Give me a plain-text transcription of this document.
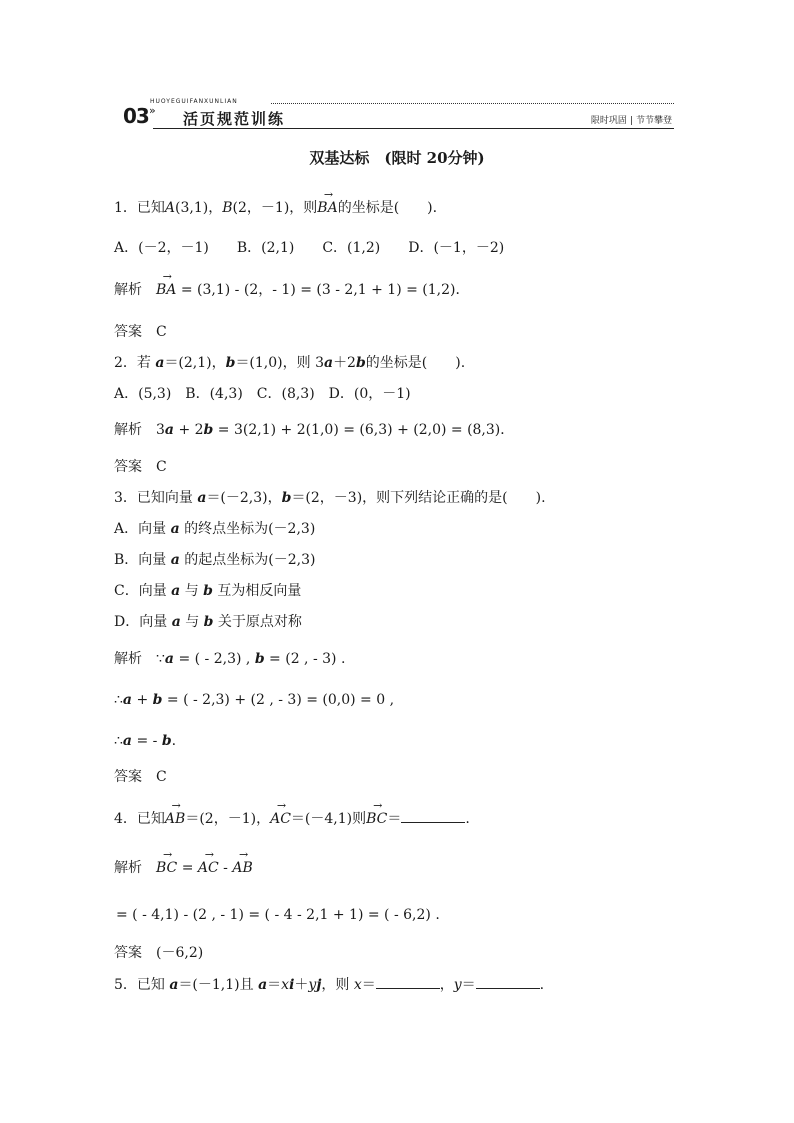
03
HUOYEGUIFANXUNLIAN
» 活页规范训练	限时巩固 | 节节攀登
双基达标　(限时 20分钟)
1．已知A(3,1)，B(2，－1)，则→ BA的坐标是(　　).
A．(－2，－1)　　B．(2,1)　　C．(1,2)　　D．(－1，－2)
解析 → BA = (3,1) - (2，- 1) = (3 - 2,1 + 1) = (1,2)．
答案 C
2．若 a＝(2,1)，b＝(1,0)，则 3a＋2b的坐标是(　　).
A．(5,3)　B．(4,3)　C．(8,3)　D．(0，－1)
解析 3a + 2b = 3(2,1) + 2(1,0) = (6,3) + (2,0) = (8,3)．
答案 C
3．已知向量 a＝(－2,3)，b＝(2，－3)，则下列结论正确的是(　　).
A．向量 a 的终点坐标为(－2,3)
B．向量 a 的起点坐标为(－2,3)
C．向量 a 与 b 互为相反向量
D．向量 a 与 b 关于原点对称
解析 ∵a = ( - 2,3) , b = (2 , - 3) .
∴a + b = ( - 2,3) + (2 , - 3) = (0,0) = 0 ,
∴a = - b.
答案 C
4．已知→ AB＝(2，－1)，→ AC＝(－4,1)则→ BC＝	.
解析 → BC = → AC - → AB
= ( - 4,1) - (2 , - 1) = ( - 4 - 2,1 + 1) = ( - 6,2) .
答案 (－6,2)
5．已知 a＝(－1,1)且 a＝xi＋yj，则 x＝	，y＝	.
